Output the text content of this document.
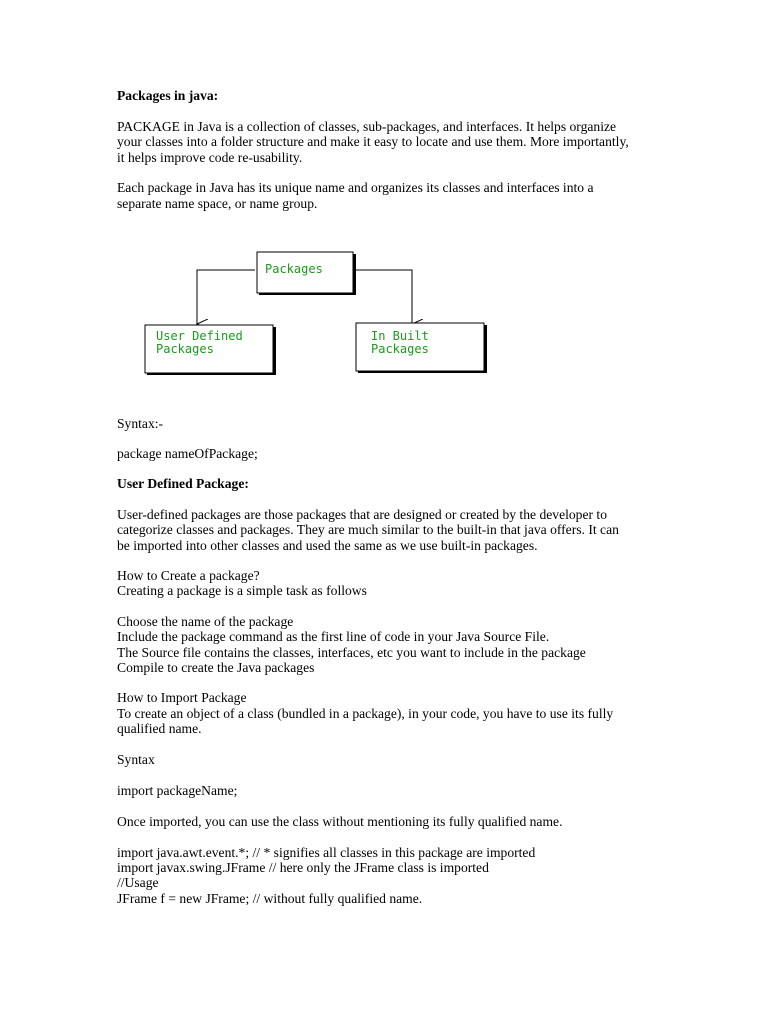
Packages in java:

PACKAGE in Java is a collection of classes, sub-packages, and interfaces. It helps organize

your classes into a folder structure and make it easy to locate and use them. More importantly,

it helps improve code re-usability.

Each package in Java has its unique name and organizes its classes and interfaces into a

separate name space, or name group.

Packages
User Defined
Packages
In Built
Packages

Syntax:-

package nameOfPackage;

User Defined Package:

User-defined packages are those packages that are designed or created by the developer to

categorize classes and packages. They are much similar to the built-in that java offers. It can

be imported into other classes and used the same as we use built-in packages.

How to Create a package?

Creating a package is a simple task as follows

Choose the name of the package

Include the package command as the first line of code in your Java Source File.

The Source file contains the classes, interfaces, etc you want to include in the package

Compile to create the Java packages

How to Import Package

To create an object of a class (bundled in a package), in your code, you have to use its fully

qualified name.

Syntax

import packageName;

Once imported, you can use the class without mentioning its fully qualified name.

import java.awt.event.*; // * signifies all classes in this package are imported

import javax.swing.JFrame // here only the JFrame class is imported

//Usage

JFrame f = new JFrame; // without fully qualified name.
